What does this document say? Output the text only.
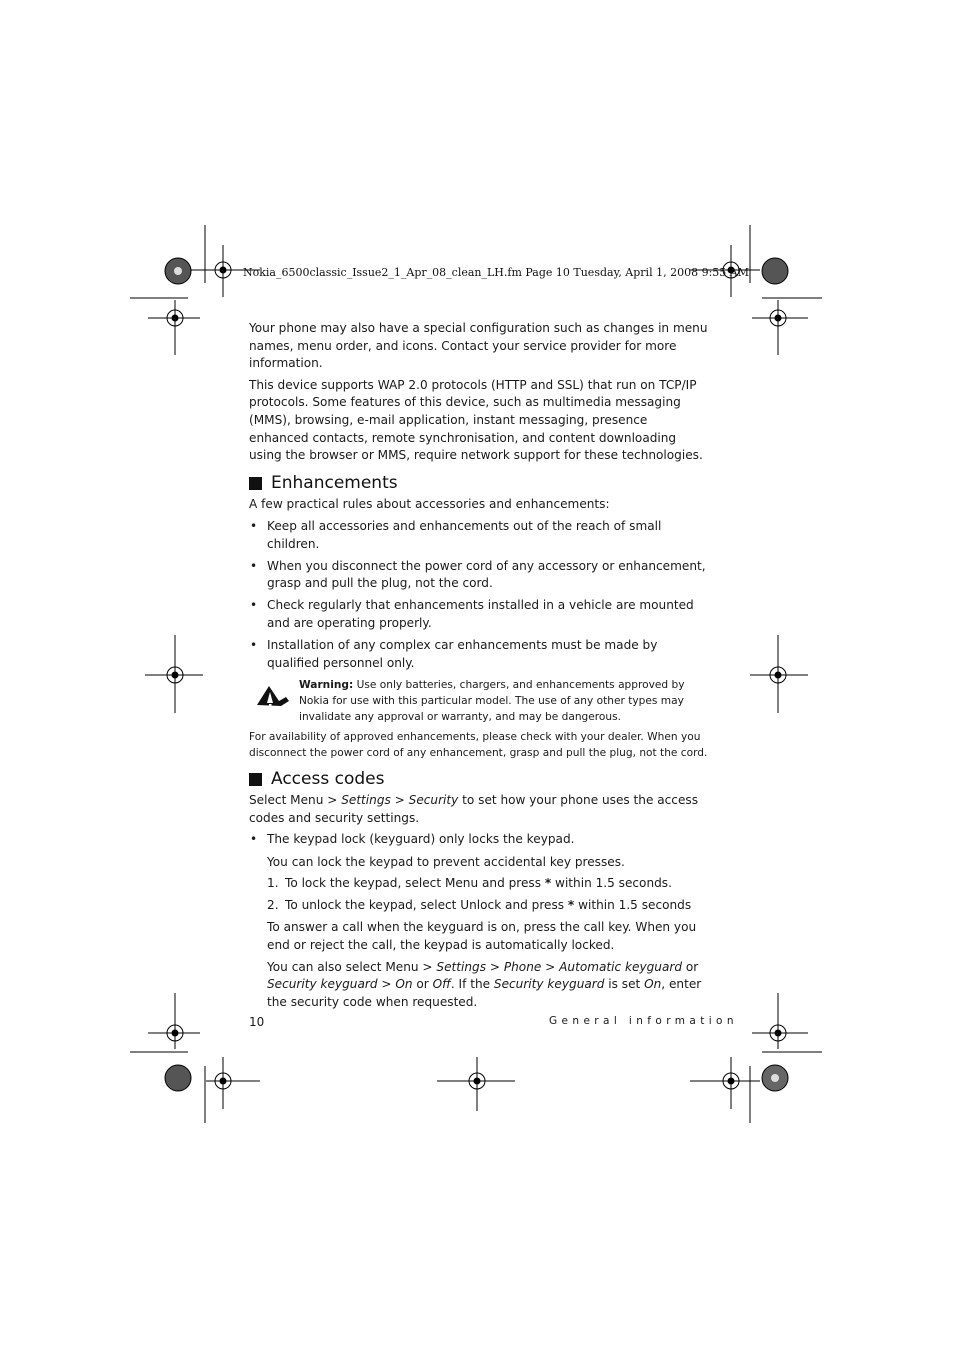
Nokia_6500classic_Issue2_1_Apr_08_clean_LH.fm Page 10 Tuesday, April 1, 2008 9:55 AM

Your phone may also have a special configuration such as changes in menu names, menu order, and icons. Contact your service provider for more information.

This device supports WAP 2.0 protocols (HTTP and SSL) that run on TCP/IP protocols. Some features of this device, such as multimedia messaging (MMS), browsing, e-mail application, instant messaging, presence enhanced contacts, remote synchronisation, and content downloading using the browser or MMS, require network support for these technologies.

Enhancements

A few practical rules about accessories and enhancements:

• Keep all accessories and enhancements out of the reach of small children.
• When you disconnect the power cord of any accessory or enhancement, grasp and pull the plug, not the cord.
• Check regularly that enhancements installed in a vehicle are mounted and are operating properly.
• Installation of any complex car enhancements must be made by qualified personnel only.
Warning: Use only batteries, chargers, and enhancements approved by Nokia for use with this particular model. The use of any other types may invalidate any approval or warranty, and may be dangerous.

For availability of approved enhancements, please check with your dealer. When you disconnect the power cord of any enhancement, grasp and pull the plug, not the cord.

Access codes

Select Menu > Settings > Security to set how your phone uses the access codes and security settings.

• The keypad lock (keyguard) only locks the keypad.

You can lock the keypad to prevent accidental key presses.

1. To lock the keypad, select Menu and press * within 1.5 seconds.
2. To unlock the keypad, select Unlock and press * within 1.5 seconds

To answer a call when the keyguard is on, press the call key. When you end or reject the call, the keypad is automatically locked.

You can also select Menu > Settings > Phone > Automatic keyguard or Security keyguard > On or Off. If the Security keyguard is set On, enter the security code when requested.

10	General information
